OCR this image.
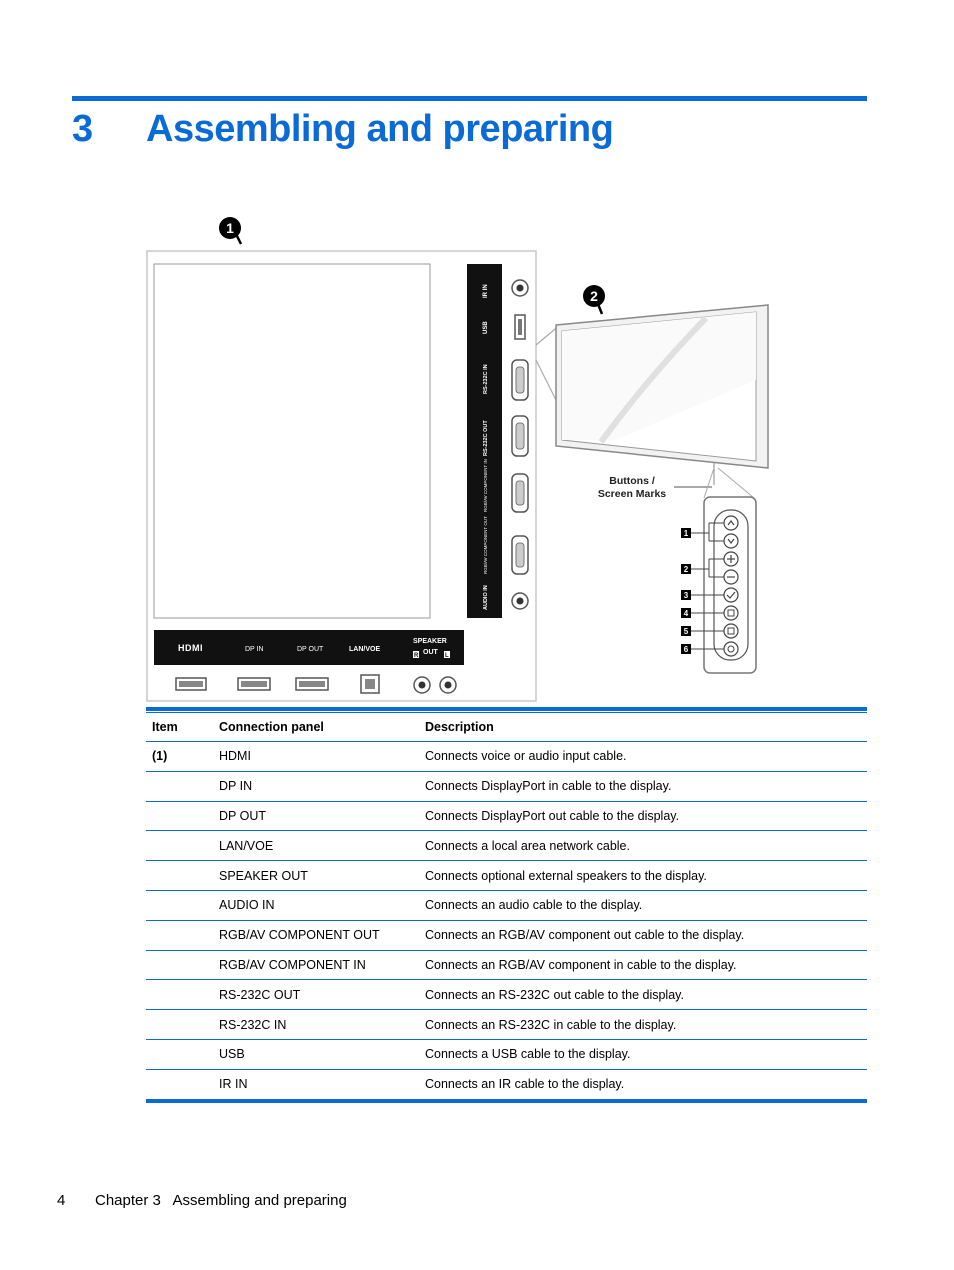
3 Assembling and preparing
1
IR IN
USB
RS-232C IN
RS-232C OUT
RGB/AV COMPONENT IN
RGB/AV COMPONENT OUT
AUDIO IN
HDMI	DP IN	DP OUT	LAN/VOE
SPEAKER
R OUT L
2
Buttons /
Screen Marks
1
2
3
4
5
6
Item	Connection panel	Description
(1)	HDMI	Connects voice or audio input cable.
	DP IN	Connects DisplayPort in cable to the display.
	DP OUT	Connects DisplayPort out cable to the display.
	LAN/VOE	Connects a local area network cable.
	SPEAKER OUT	Connects optional external speakers to the display.
	AUDIO IN	Connects an audio cable to the display.
	RGB/AV COMPONENT OUT	Connects an RGB/AV component out cable to the display.
	RGB/AV COMPONENT IN	Connects an RGB/AV component in cable to the display.
	RS-232C OUT	Connects an RS-232C out cable to the display.
	RS-232C IN	Connects an RS-232C in cable to the display.
	USB	Connects a USB cable to the display.
	IR IN	Connects an IR cable to the display.
4 Chapter 3   Assembling and preparing
